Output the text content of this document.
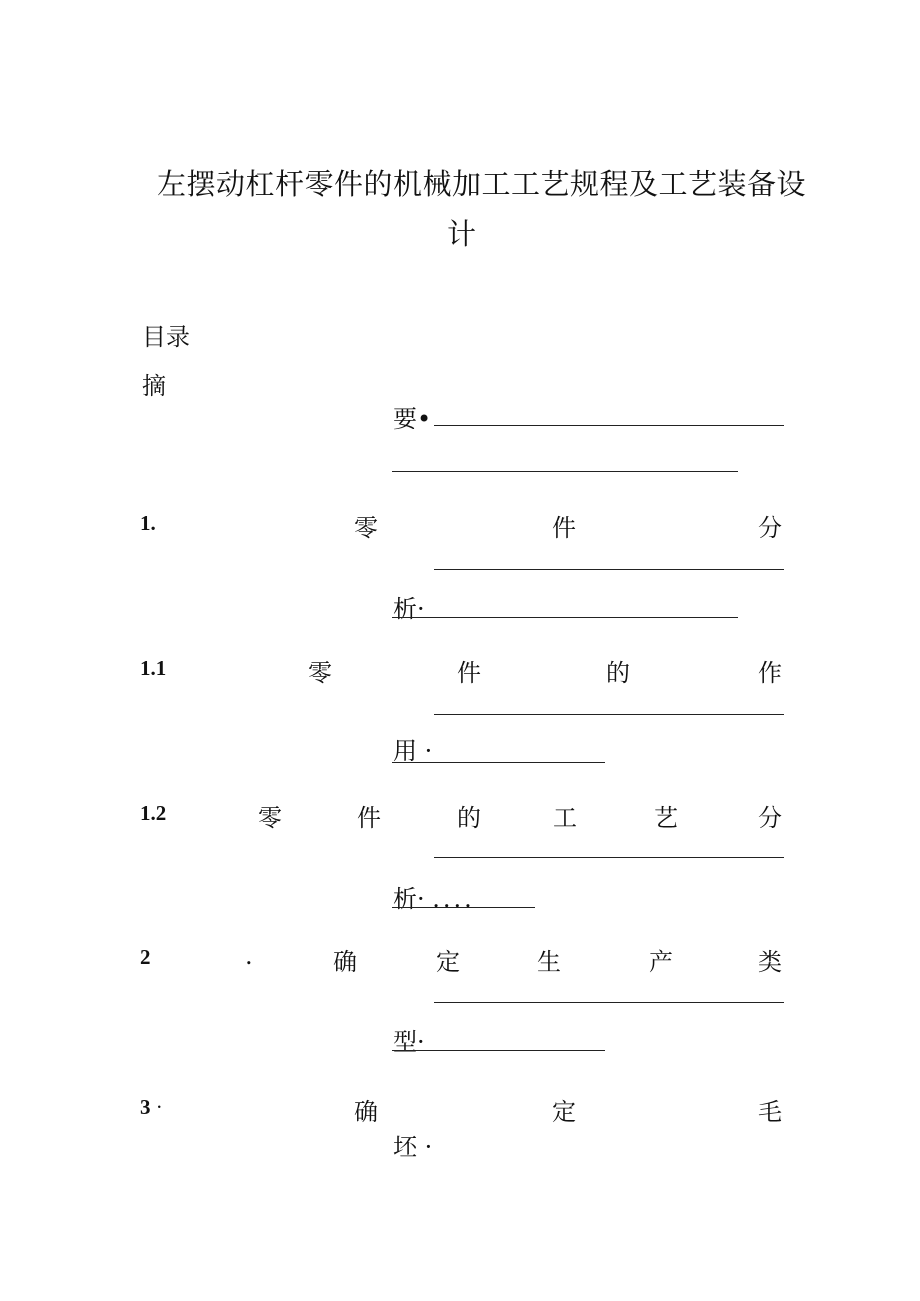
左摆动杠杆零件的机械加工工艺规程及工艺装备设
计
目录
摘
要•
1.	零	件	分
析·
1.1	零	件	的	作
用 ·
1.2	零	件	的	工	艺	分
析· ....
2	.	确	定	生	产	类
型·
3 ·	确	定	毛
坯 ·
